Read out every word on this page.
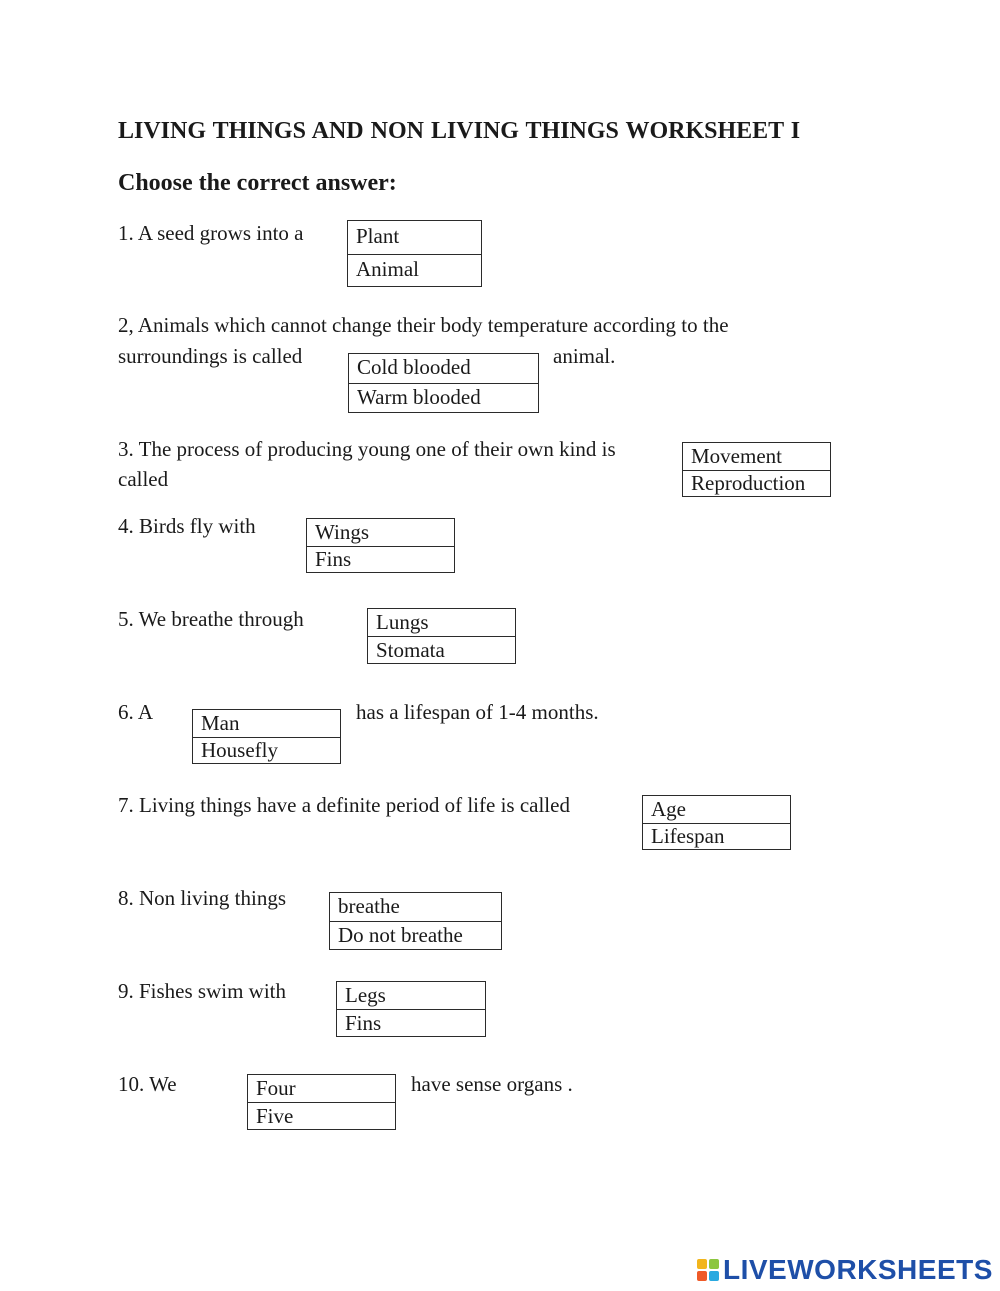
LIVING THINGS AND NON LIVING THINGS WORKSHEET I
Choose the correct answer:
1. A seed grows into a	Plant
Animal
2, Animals which cannot change their body temperature according to the
surroundings is called	animal.
Cold blooded
Warm blooded
3. The process of producing young one of their own kind is
called
Movement
Reproduction
4. Birds fly with	Wings
Fins
5. We breathe through	Lungs
Stomata
6. A	Man
Housefly
has a lifespan of 1-4 months.
7. Living things have a definite period of life is called	Age
Lifespan
8. Non living things	breathe
Do not breathe
9. Fishes swim with	Legs
Fins
10. We	Four
Five
have sense organs .
LIVEWORKSHEETS
